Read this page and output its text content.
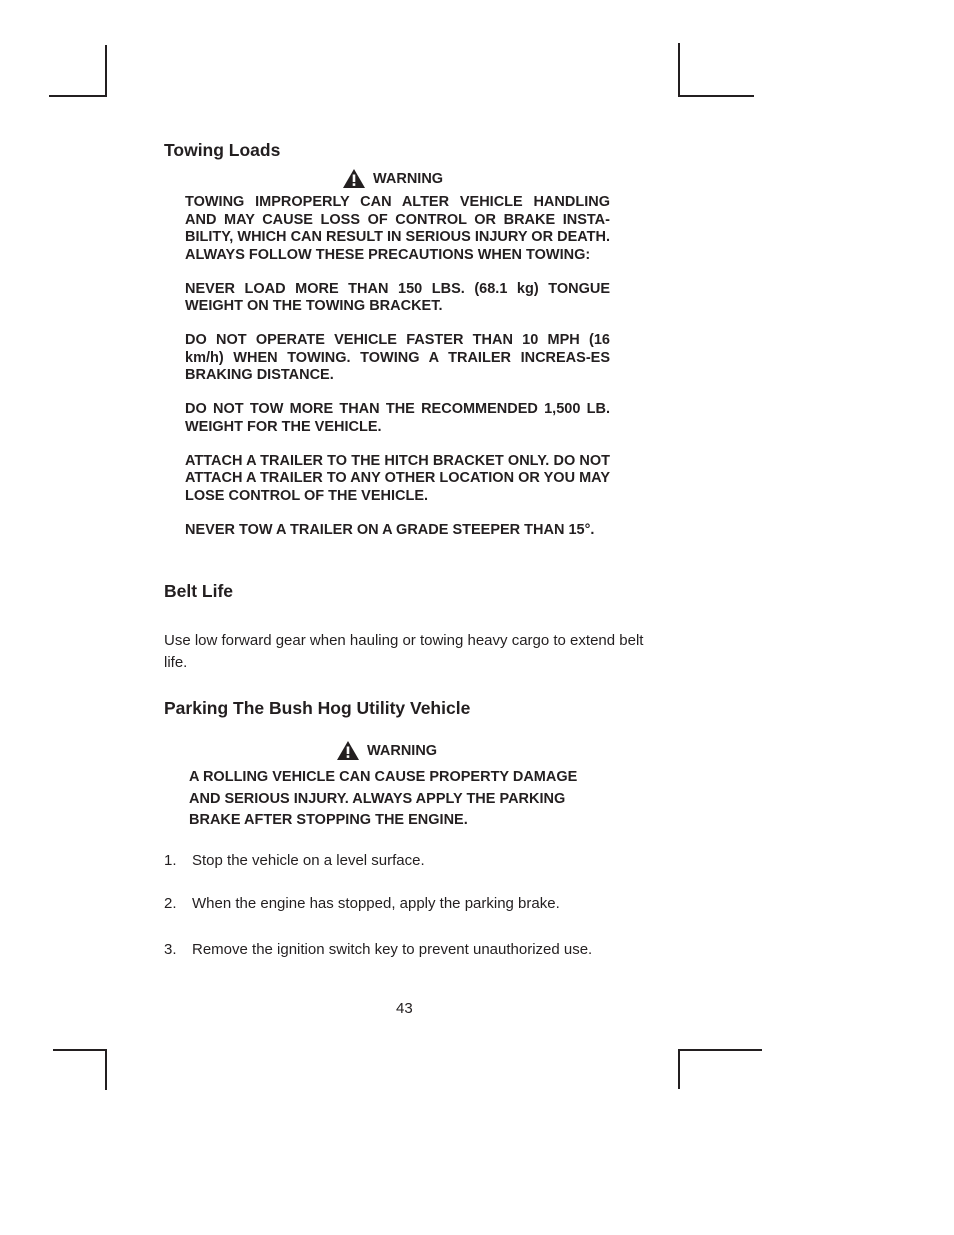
Towing Loads
WARNING

TOWING IMPROPERLY CAN ALTER VEHICLE HANDLING AND MAY CAUSE LOSS OF CONTROL OR BRAKE INSTA-BILITY, WHICH CAN RESULT IN SERIOUS INJURY OR DEATH. ALWAYS FOLLOW THESE PRECAUTIONS WHEN TOWING:

NEVER LOAD MORE THAN 150 LBS. (68.1 kg) TONGUE WEIGHT ON THE TOWING BRACKET.

DO NOT OPERATE VEHICLE FASTER THAN 10 MPH (16 km/h) WHEN TOWING. TOWING A TRAILER INCREAS-ES BRAKING DISTANCE.

DO NOT TOW MORE THAN THE RECOMMENDED 1,500 LB. WEIGHT FOR THE VEHICLE.

ATTACH A TRAILER TO THE HITCH BRACKET ONLY. DO NOT ATTACH A TRAILER TO ANY OTHER LOCATION OR YOU MAY LOSE CONTROL OF THE VEHICLE.

NEVER TOW A TRAILER ON A GRADE STEEPER THAN 15°.

Belt Life

Use low forward gear when hauling or towing heavy cargo to extend belt life.

Parking The Bush Hog Utility Vehicle
WARNING

A ROLLING VEHICLE CAN CAUSE PROPERTY DAMAGE AND SERIOUS INJURY. ALWAYS APPLY THE PARKING BRAKE AFTER STOPPING THE ENGINE.

1.	Stop the vehicle on a level surface.
2.	When the engine has stopped, apply the parking brake.
3.	Remove the ignition switch key to prevent unauthorized use.
43
